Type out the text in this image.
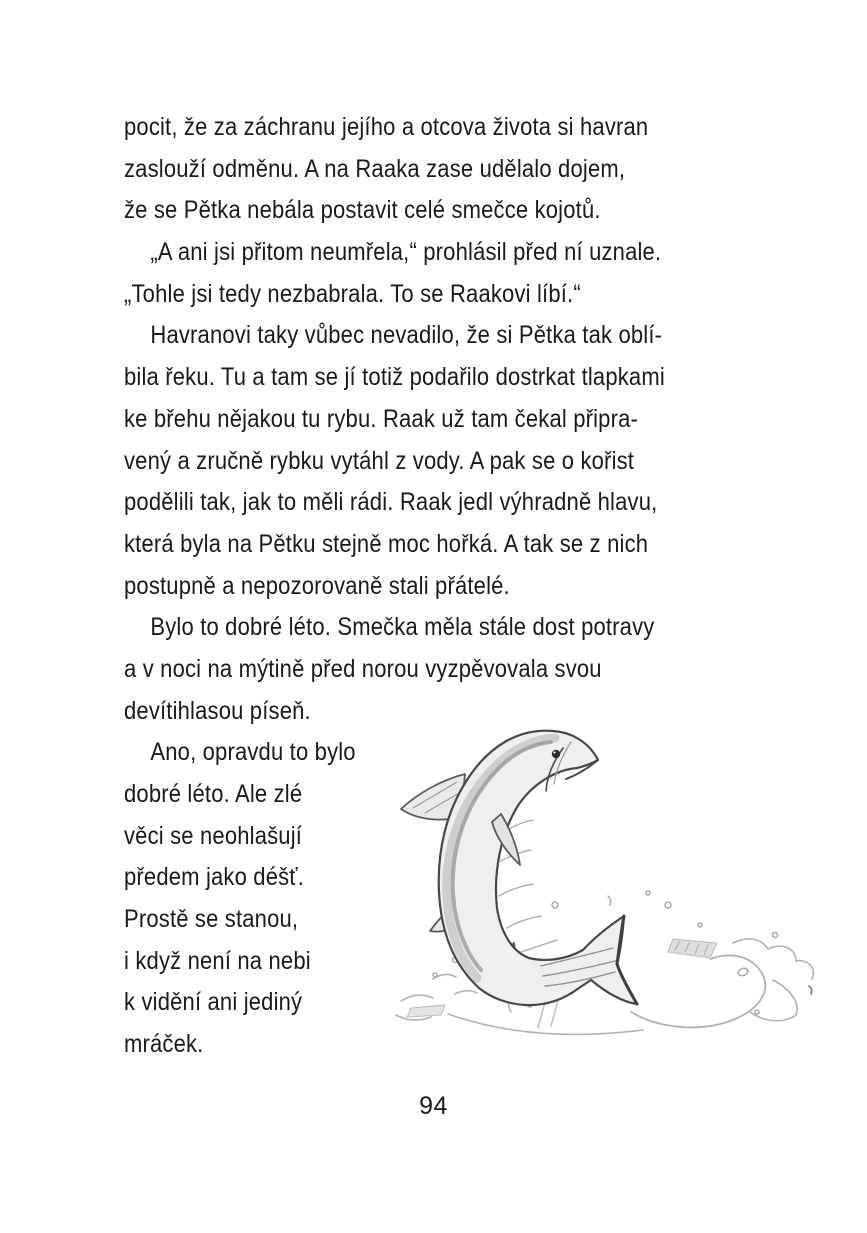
pocit, že za záchranu jejího a otcova života si havran
zaslouží odměnu. A na Raaka zase udělalo dojem,
že se Pětka nebála postavit celé smečce kojotů.
„A ani jsi přitom neumřela,“ prohlásil před ní uznale.
„Tohle jsi tedy nezbabrala. To se Raakovi líbí.“
Havranovi taky vůbec nevadilo, že si Pětka tak oblí-
bila řeku. Tu a tam se jí totiž podařilo dostrkat tlapkami
ke břehu nějakou tu rybu. Raak už tam čekal připra-
vený a zručně rybku vytáhl z vody. A pak se o kořist
podělili tak, jak to měli rádi. Raak jedl výhradně hlavu,
která byla na Pětku stejně moc hořká. A tak se z nich
postupně a nepozorovaně stali přátelé.
Bylo to dobré léto. Smečka měla stále dost potravy
a v noci na mýtině před norou vyzpěvovala svou
devítihlasou píseň.
Ano, opravdu to bylo
dobré léto. Ale zlé
věci se neohlašují
předem jako déšť.
Prostě se stanou,
i když není na nebi
k vidění ani jediný
mráček.
94
